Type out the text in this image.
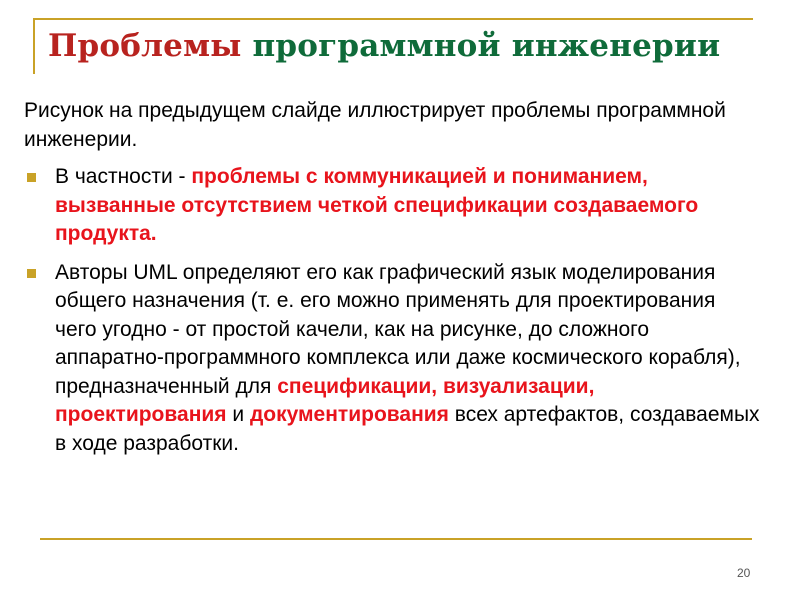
Проблемы программной инженерии

Рисунок на предыдущем слайде иллюстрирует проблемы программной инженерии.

В частности - проблемы с коммуникацией и пониманием, вызванные отсутствием четкой спецификации создаваемого продукта.

Авторы UML определяют его как графический язык моделирования общего назначения (т. е. его можно применять для проектирования чего угодно - от простой качели, как на рисунке, до сложного аппаратно-программного комплекса или даже космического корабля), предназначенный для спецификации, визуализации, проектирования и документирования всех артефактов, создаваемых в ходе разработки.

20
